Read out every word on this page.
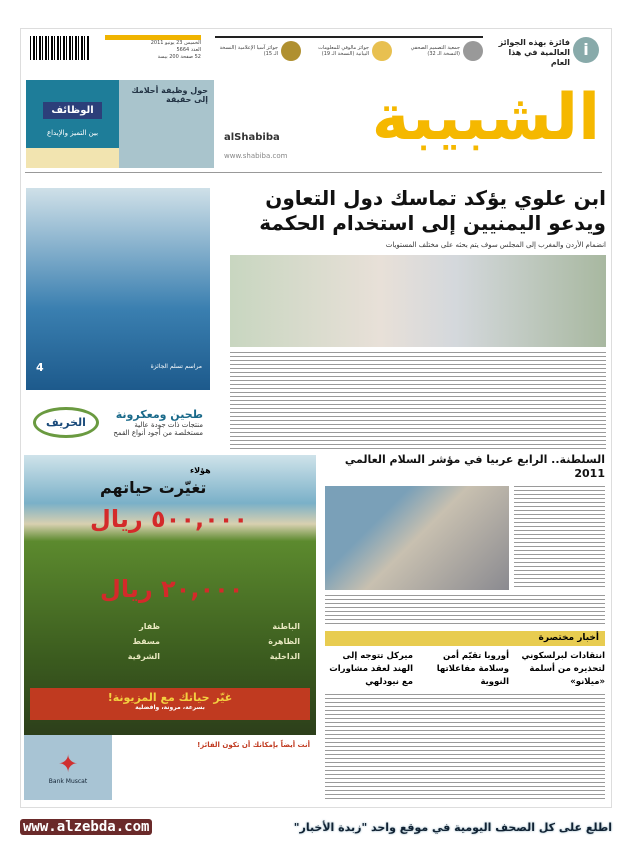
الخميس 23 يونيو 2011
العدد 5664
52 صفحة 200 بيسة
جمعية التصميم الصحفي (النسخة الـ 32)
جوائز مالوفي للمعلومات البيانية (النسخة الـ 19)
جوائز آسيا الإعلامية (النسخة الـ 15)
فائزة بهذه الجوائز العالمية في هذا العام
i
حول وظيفة أحلامك إلى حقيقة
الوظائف
بين التميز والإبداع	الشبيبة
alShabiba
www.shabiba.com
مراسم تسلم الجائزة
4
طحين ومعكرونة
منتجات ذات جودة عالية مستخلصة من أجود أنواع القمح
الخريف
ابن علوي يؤكد تماسك دول التعاون ويدعو اليمنيين إلى استخدام الحكمة
انضمام الأردن والمغرب إلى المجلس سوف يتم بحثه على مختلف المستويات
السلطنة.. الرابع عربيا في مؤشر السلام العالمي 2011
أخبار مختصرة
انتقادات لبرلسكوني لتحذيره من أسلمة «ميلانو»
أوروبا تقيّم أمن وسلامة مفاعلاتها النووية
ميركل تتوجه إلى الهند لعقد مشاورات مع نيودلهي
هؤلاء
تغيّرت حياتهم
٥٠٠,٠٠٠ ريال
٢٠,٠٠٠ ريال
الباطنة
ظفار
الظاهرة
مسقط
الداخلية
الشرقية
غيّر حياتك مع المزيونة!
بسرعة، مرونة، وافضلية
أنت أيضاً بإمكانك أن تكون الفائز!
✦
Bank Muscat
اطلع على كل الصحف اليومية في موقع واحد "زبدة الأخبار"
www.alzebda.com
